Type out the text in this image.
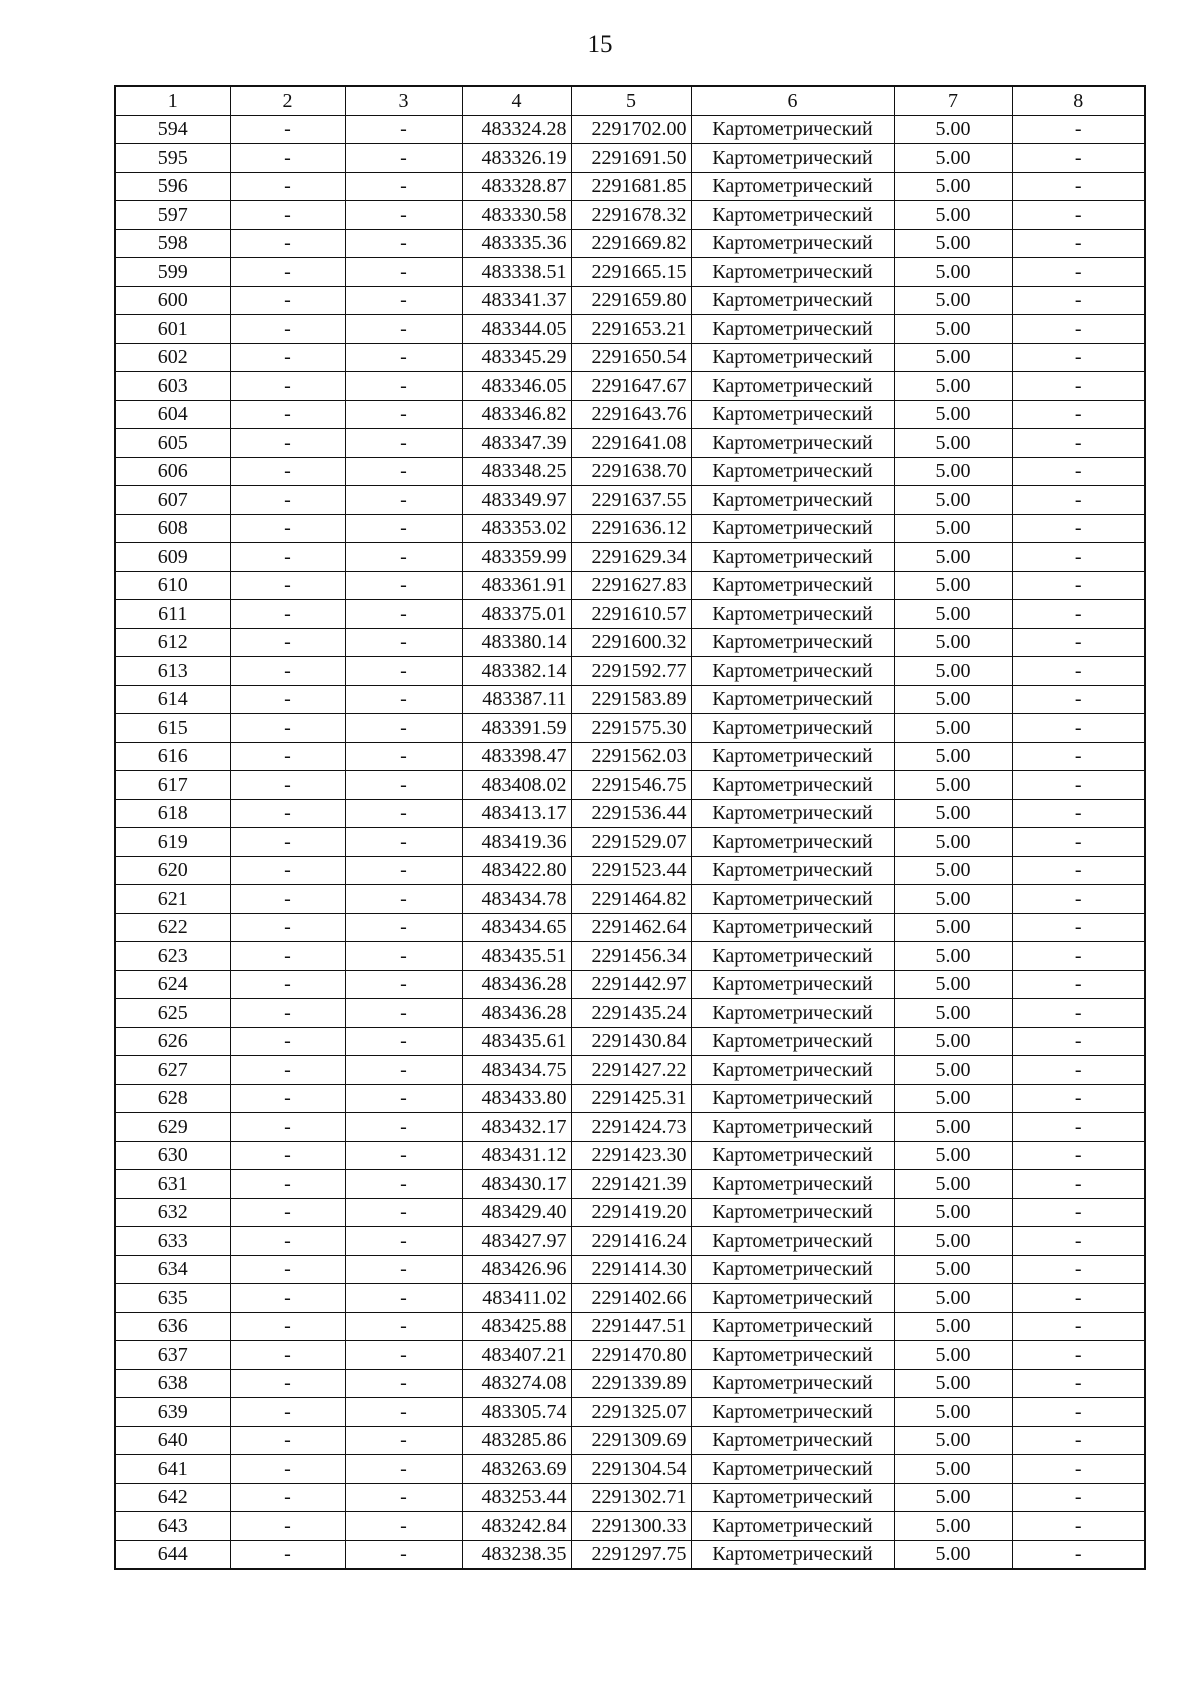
15
1	2	3	4	5	6	7	8
594	-	-	483324.28	2291702.00	Картометрический	5.00	-
595	-	-	483326.19	2291691.50	Картометрический	5.00	-
596	-	-	483328.87	2291681.85	Картометрический	5.00	-
597	-	-	483330.58	2291678.32	Картометрический	5.00	-
598	-	-	483335.36	2291669.82	Картометрический	5.00	-
599	-	-	483338.51	2291665.15	Картометрический	5.00	-
600	-	-	483341.37	2291659.80	Картометрический	5.00	-
601	-	-	483344.05	2291653.21	Картометрический	5.00	-
602	-	-	483345.29	2291650.54	Картометрический	5.00	-
603	-	-	483346.05	2291647.67	Картометрический	5.00	-
604	-	-	483346.82	2291643.76	Картометрический	5.00	-
605	-	-	483347.39	2291641.08	Картометрический	5.00	-
606	-	-	483348.25	2291638.70	Картометрический	5.00	-
607	-	-	483349.97	2291637.55	Картометрический	5.00	-
608	-	-	483353.02	2291636.12	Картометрический	5.00	-
609	-	-	483359.99	2291629.34	Картометрический	5.00	-
610	-	-	483361.91	2291627.83	Картометрический	5.00	-
611	-	-	483375.01	2291610.57	Картометрический	5.00	-
612	-	-	483380.14	2291600.32	Картометрический	5.00	-
613	-	-	483382.14	2291592.77	Картометрический	5.00	-
614	-	-	483387.11	2291583.89	Картометрический	5.00	-
615	-	-	483391.59	2291575.30	Картометрический	5.00	-
616	-	-	483398.47	2291562.03	Картометрический	5.00	-
617	-	-	483408.02	2291546.75	Картометрический	5.00	-
618	-	-	483413.17	2291536.44	Картометрический	5.00	-
619	-	-	483419.36	2291529.07	Картометрический	5.00	-
620	-	-	483422.80	2291523.44	Картометрический	5.00	-
621	-	-	483434.78	2291464.82	Картометрический	5.00	-
622	-	-	483434.65	2291462.64	Картометрический	5.00	-
623	-	-	483435.51	2291456.34	Картометрический	5.00	-
624	-	-	483436.28	2291442.97	Картометрический	5.00	-
625	-	-	483436.28	2291435.24	Картометрический	5.00	-
626	-	-	483435.61	2291430.84	Картометрический	5.00	-
627	-	-	483434.75	2291427.22	Картометрический	5.00	-
628	-	-	483433.80	2291425.31	Картометрический	5.00	-
629	-	-	483432.17	2291424.73	Картометрический	5.00	-
630	-	-	483431.12	2291423.30	Картометрический	5.00	-
631	-	-	483430.17	2291421.39	Картометрический	5.00	-
632	-	-	483429.40	2291419.20	Картометрический	5.00	-
633	-	-	483427.97	2291416.24	Картометрический	5.00	-
634	-	-	483426.96	2291414.30	Картометрический	5.00	-
635	-	-	483411.02	2291402.66	Картометрический	5.00	-
636	-	-	483425.88	2291447.51	Картометрический	5.00	-
637	-	-	483407.21	2291470.80	Картометрический	5.00	-
638	-	-	483274.08	2291339.89	Картометрический	5.00	-
639	-	-	483305.74	2291325.07	Картометрический	5.00	-
640	-	-	483285.86	2291309.69	Картометрический	5.00	-
641	-	-	483263.69	2291304.54	Картометрический	5.00	-
642	-	-	483253.44	2291302.71	Картометрический	5.00	-
643	-	-	483242.84	2291300.33	Картометрический	5.00	-
644	-	-	483238.35	2291297.75	Картометрический	5.00	-
